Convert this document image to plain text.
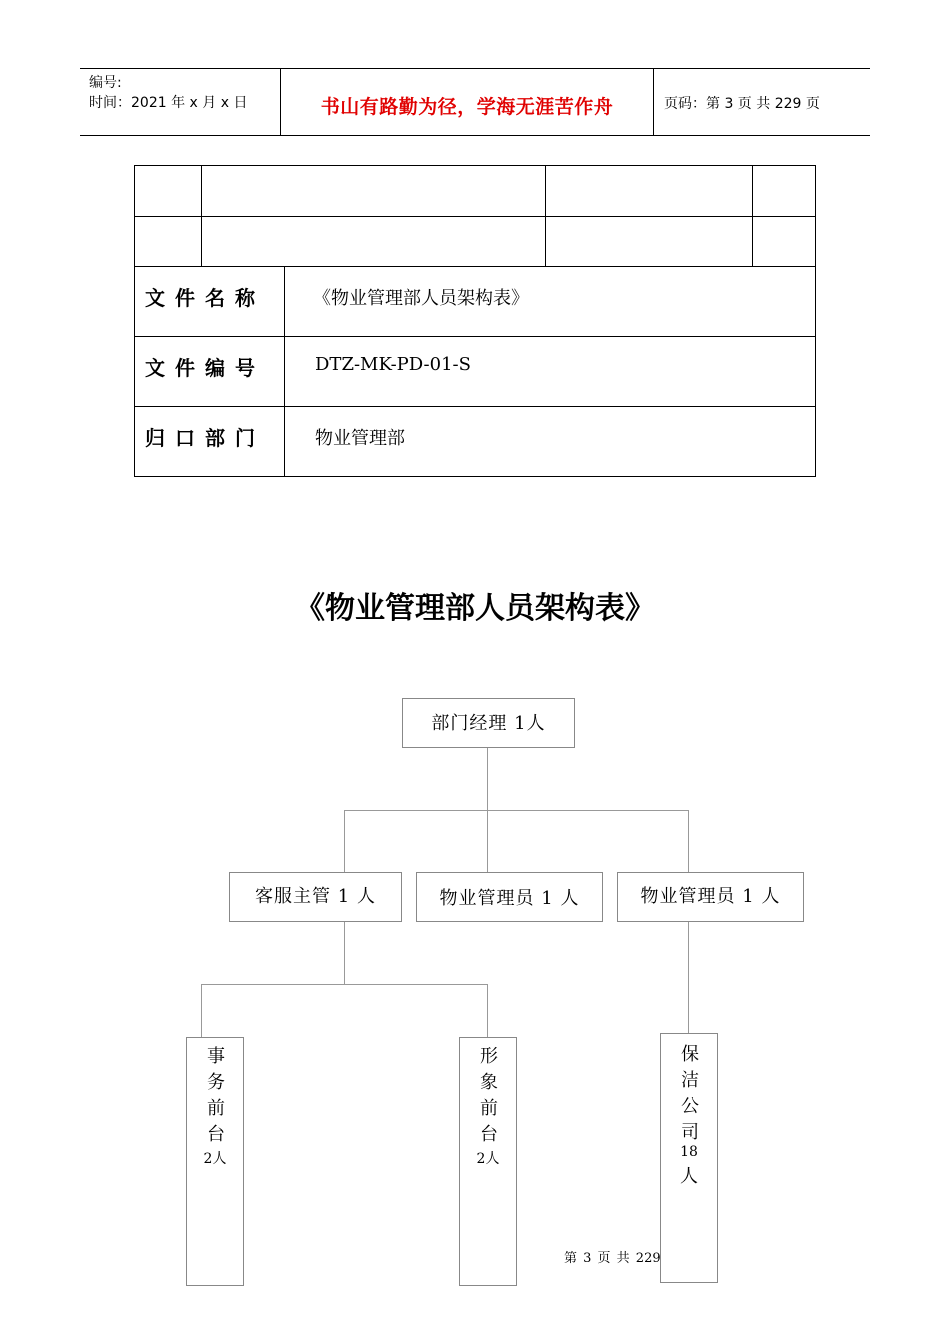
编号:
时间：2021 年 x 月 x 日	书山有路勤为径，学海无涯苦作舟	页码：第 3 页 共 229 页
文件名称	《物业管理部人员架构表》
文件编号	DTZ-MK-PD-01-S
归口部门	物业管理部
《物业管理部人员架构表》
部门经理 1人
客服主管 1 人	物业管理员 1 人	物业管理员 1 人
事务前台
2人
形象前台
2人
保洁公司
18
人
第 3 页 共 229
